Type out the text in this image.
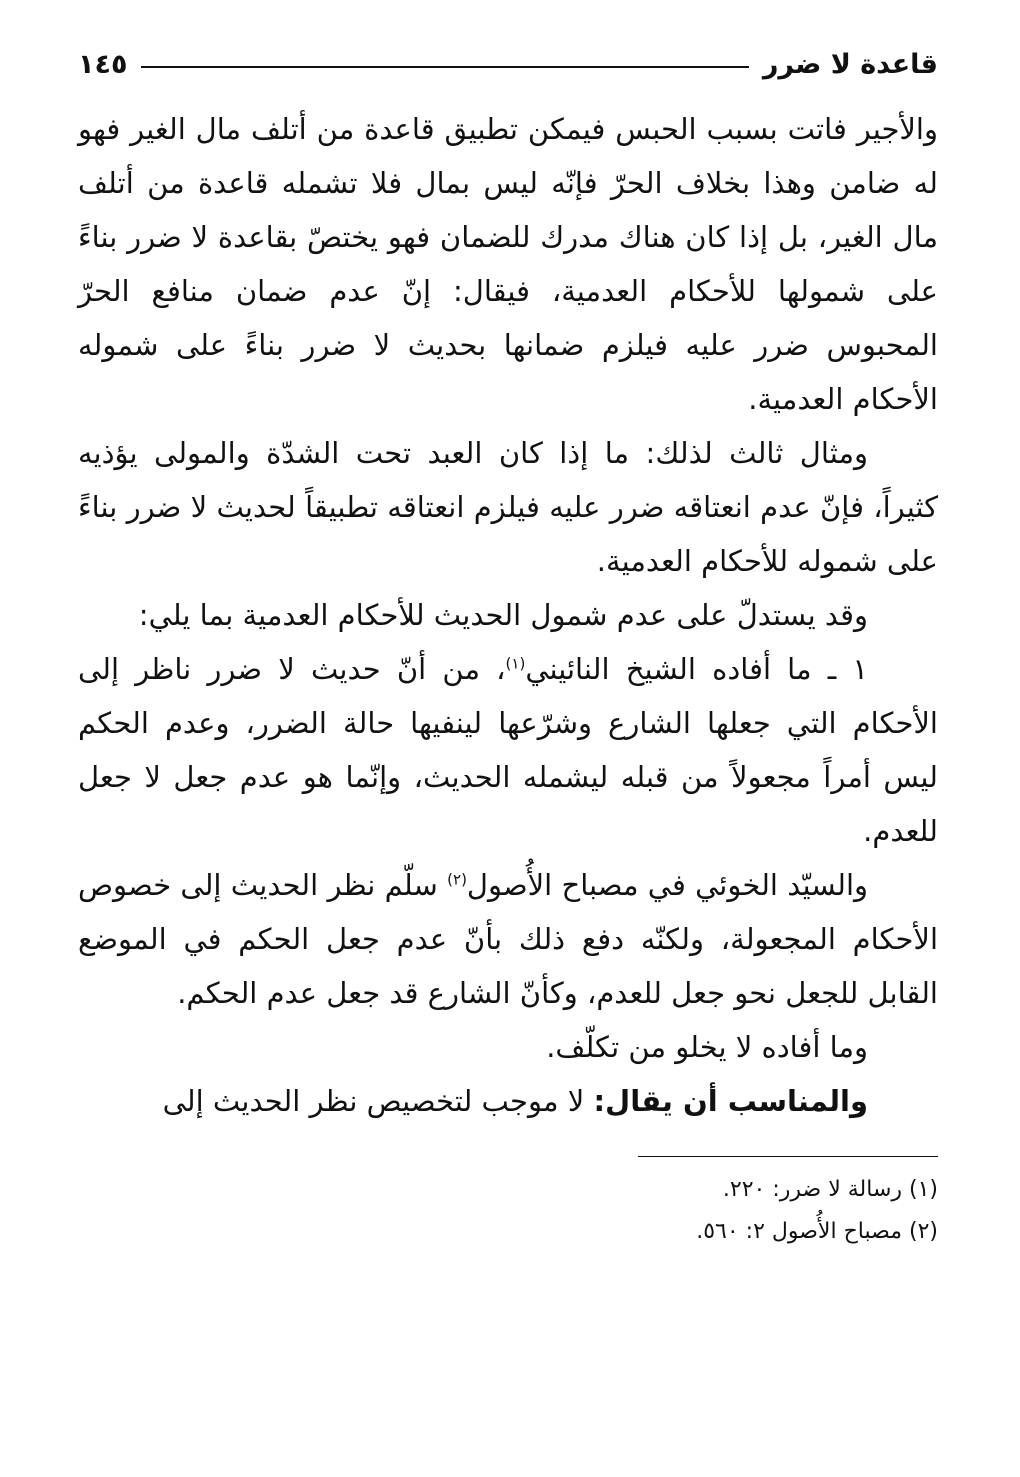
قاعدة لا ضرر
١٤٥

والأجير فاتت بسبب الحبس فيمكن تطبيق قاعدة من أتلف مال الغير فهو له ضامن وهذا بخلاف الحرّ فإنّه ليس بمال فلا تشمله قاعدة من أتلف مال الغير، بل إذا كان هناك مدرك للضمان فهو يختصّ بقاعدة لا ضرر بناءً على شمولها للأحكام العدمية، فيقال: إنّ عدم ضمان منافع الحرّ المحبوس ضرر عليه فيلزم ضمانها بحديث لا ضرر بناءً على شموله الأحكام العدمية.

ومثال ثالث لذلك: ما إذا كان العبد تحت الشدّة والمولى يؤذيه كثيراً، فإنّ عدم انعتاقه ضرر عليه فيلزم انعتاقه تطبيقاً لحديث لا ضرر بناءً على شموله للأحكام العدمية.

وقد يستدلّ على عدم شمول الحديث للأحكام العدمية بما يلي:

١ ـ ما أفاده الشيخ النائيني$^{(١)}$، من أنّ حديث لا ضرر ناظر إلى الأحكام التي جعلها الشارع وشرّعها لينفيها حالة الضرر، وعدم الحكم ليس أمراً مجعولاً من قبله ليشمله الحديث، وإنّما هو عدم جعل لا جعل للعدم.

والسيّد الخوئي في مصباح الأُصول$^{(٢)}$ سلّم نظر الحديث إلى خصوص الأحكام المجعولة، ولكنّه دفع ذلك بأنّ عدم جعل الحكم في الموضع القابل للجعل نحو جعل للعدم، وكأنّ الشارع قد جعل عدم الحكم.

وما أفاده لا يخلو من تكلّف.

والمناسب أن يقال: لا موجب لتخصيص نظر الحديث إلى

(١) رسالة لا ضرر: ٢٢٠.

(٢) مصباح الأُصول ٢: ٥٦٠.
